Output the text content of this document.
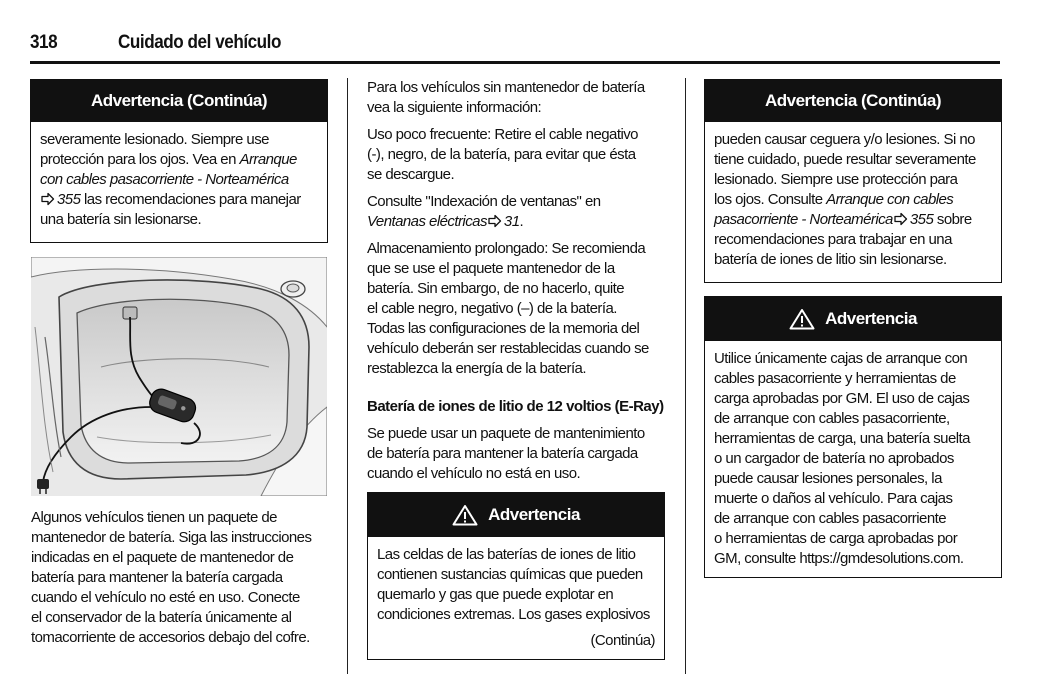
318	Cuidado del vehículo
Advertencia (Continúa)

severamente lesionado. Siempre use

protección para los ojos. Vea en Arranque

con cables pasacorriente - Norteamérica

355 las recomendaciones para manejar

una batería sin lesionarse.

Algunos vehículos tienen un paquete de

mantenedor de batería. Siga las instrucciones

indicadas en el paquete de mantenedor de

batería para mantener la batería cargada

cuando el vehículo no esté en uso. Conecte

el conservador de la batería únicamente al

tomacorriente de accesorios debajo del cofre.

Para los vehículos sin mantenedor de batería

vea la siguiente información:

Uso poco frecuente: Retire el cable negativo

(-), negro, de la batería, para evitar que ésta

se descargue.

Consulte "Indexación de ventanas" en

Ventanas eléctricas 31.

Almacenamiento prolongado: Se recomienda

que se use el paquete mantenedor de la

batería. Sin embargo, de no hacerlo, quite

el cable negro, negativo (–) de la batería.

Todas las configuraciones de la memoria del

vehículo deberán ser restablecidas cuando se

restablezca la energía de la batería.

Batería de iones de litio de 12 voltios (E-Ray)

Se puede usar un paquete de mantenimiento

de batería para mantener la batería cargada

cuando el vehículo no está en uso.

Advertencia

Las celdas de las baterías de iones de litio

contienen sustancias químicas que pueden

quemarlo y gas que puede explotar en

condiciones extremas. Los gases explosivos

(Continúa)

Advertencia (Continúa)

pueden causar ceguera y/o lesiones. Si no

tiene cuidado, puede resultar severamente

lesionado. Siempre use protección para

los ojos. Consulte Arranque con cables

pasacorriente - Norteamérica 355 sobre

recomendaciones para trabajar en una

batería de iones de litio sin lesionarse.

Advertencia

Utilice únicamente cajas de arranque con

cables pasacorriente y herramientas de

carga aprobadas por GM. El uso de cajas

de arranque con cables pasacorriente,

herramientas de carga, una batería suelta

o un cargador de batería no aprobados

puede causar lesiones personales, la

muerte o daños al vehículo. Para cajas

de arranque con cables pasacorriente

o herramientas de carga aprobadas por

GM, consulte https://gmdesolutions.com.
